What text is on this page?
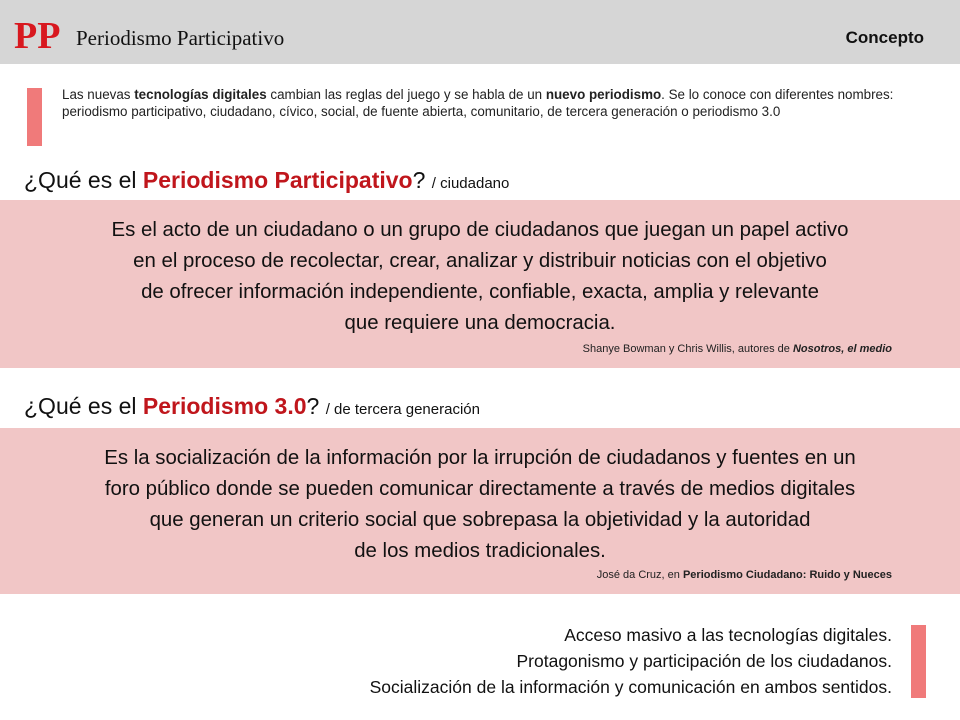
PP Periodismo Participativo	Concepto
Las nuevas tecnologías digitales cambian las reglas del juego y se habla de un nuevo periodismo. Se lo conoce con diferentes nombres: periodismo participativo, ciudadano, cívico, social, de fuente abierta, comunitario, de tercera generación o periodismo 3.0
¿Qué es el Periodismo Participativo? / ciudadano
Es el acto de un ciudadano o un grupo de ciudadanos que juegan un papel activo
en el proceso de recolectar, crear, analizar y distribuir noticias con el objetivo
de ofrecer información independiente, confiable, exacta, amplia y relevante
que requiere una democracia.
Shanye Bowman y Chris Willis, autores de Nosotros, el medio
¿Qué es el Periodismo 3.0? / de tercera generación
Es la socialización de la información por la irrupción de ciudadanos y fuentes en un
foro público donde se pueden comunicar directamente a través de medios digitales
que generan un criterio social que sobrepasa la objetividad y la autoridad
de los medios tradicionales.
José da Cruz, en Periodismo Ciudadano: Ruido y Nueces
Acceso masivo a las tecnologías digitales.
Protagonismo y participación de los ciudadanos.
Socialización de la información y comunicación en ambos sentidos.
